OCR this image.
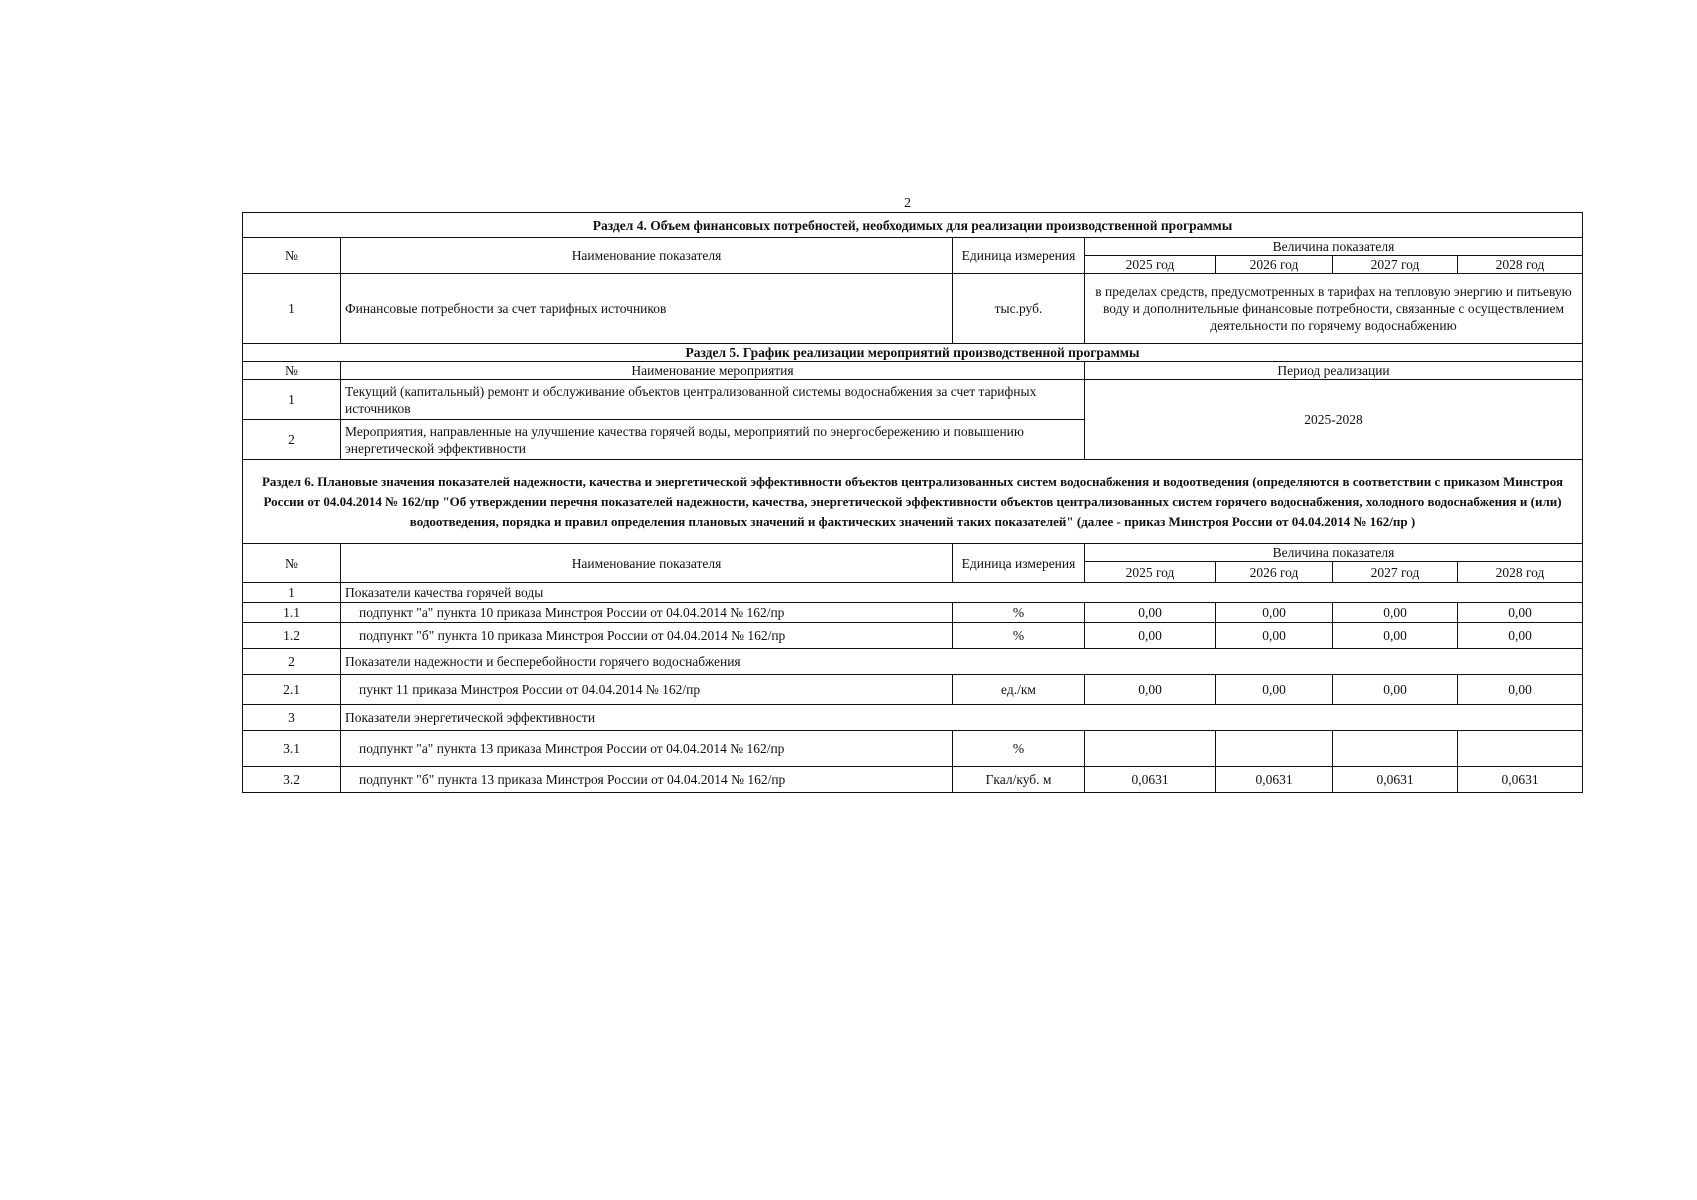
2
Раздел 4. Объем финансовых потребностей, необходимых для реализации производственной программы						
№	Наименование показателя	Единица измерения	Величина показателя			
			2025 год	2026 год	2027 год	2028 год
1	Финансовые потребности за счет тарифных источников	тыс.руб.	в пределах средств, предусмотренных в тарифах на тепловую энергию и питьевую воду и дополнительные финансовые потребности, связанные с осуществлением деятельности по горячему водоснабжению			
Раздел 5. График реализации мероприятий производственной программы						
№	Наименование мероприятия		Период реализации			
1	Текущий (капитальный) ремонт и обслуживание объектов централизованной системы водоснабжения за счет тарифных источников		2025-2028			
2	Мероприятия, направленные на улучшение качества горячей воды, мероприятий по энергосбережению и повышению энергетической эффективности					
Раздел 6. Плановые значения показателей надежности, качества и энергетической эффективности объектов централизованных систем водоснабжения и водоотведения (определяются в соответствии с приказом Минстроя России от 04.04.2014 № 162/пр "Об утверждении перечня показателей надежности, качества, энергетической эффективности объектов централизованных систем горячего водоснабжения, холодного водоснабжения и (или) водоотведения, порядка и правил определения плановых значений и фактических значений таких показателей" (далее - приказ Минстроя России от 04.04.2014 № 162/пр )						
№	Наименование показателя	Единица измерения	Величина показателя			
			2025 год	2026 год	2027 год	2028 год
1	Показатели качества горячей воды					
1.1	подпункт "а" пункта 10 приказа Минстроя России от 04.04.2014 № 162/пр	%	0,00	0,00	0,00	0,00
1.2	подпункт "б" пункта 10 приказа Минстроя России от 04.04.2014 № 162/пр	%	0,00	0,00	0,00	0,00
2	Показатели надежности и бесперебойности горячего водоснабжения					
2.1	пункт 11 приказа Минстроя России от 04.04.2014 № 162/пр	ед./км	0,00	0,00	0,00	0,00
3	Показатели энергетической эффективности					
3.1	подпункт "а" пункта 13 приказа Минстроя России от 04.04.2014 № 162/пр	%				
3.2	подпункт "б" пункта 13 приказа Минстроя России от 04.04.2014 № 162/пр	Гкал/куб. м	0,0631	0,0631	0,0631	0,0631
